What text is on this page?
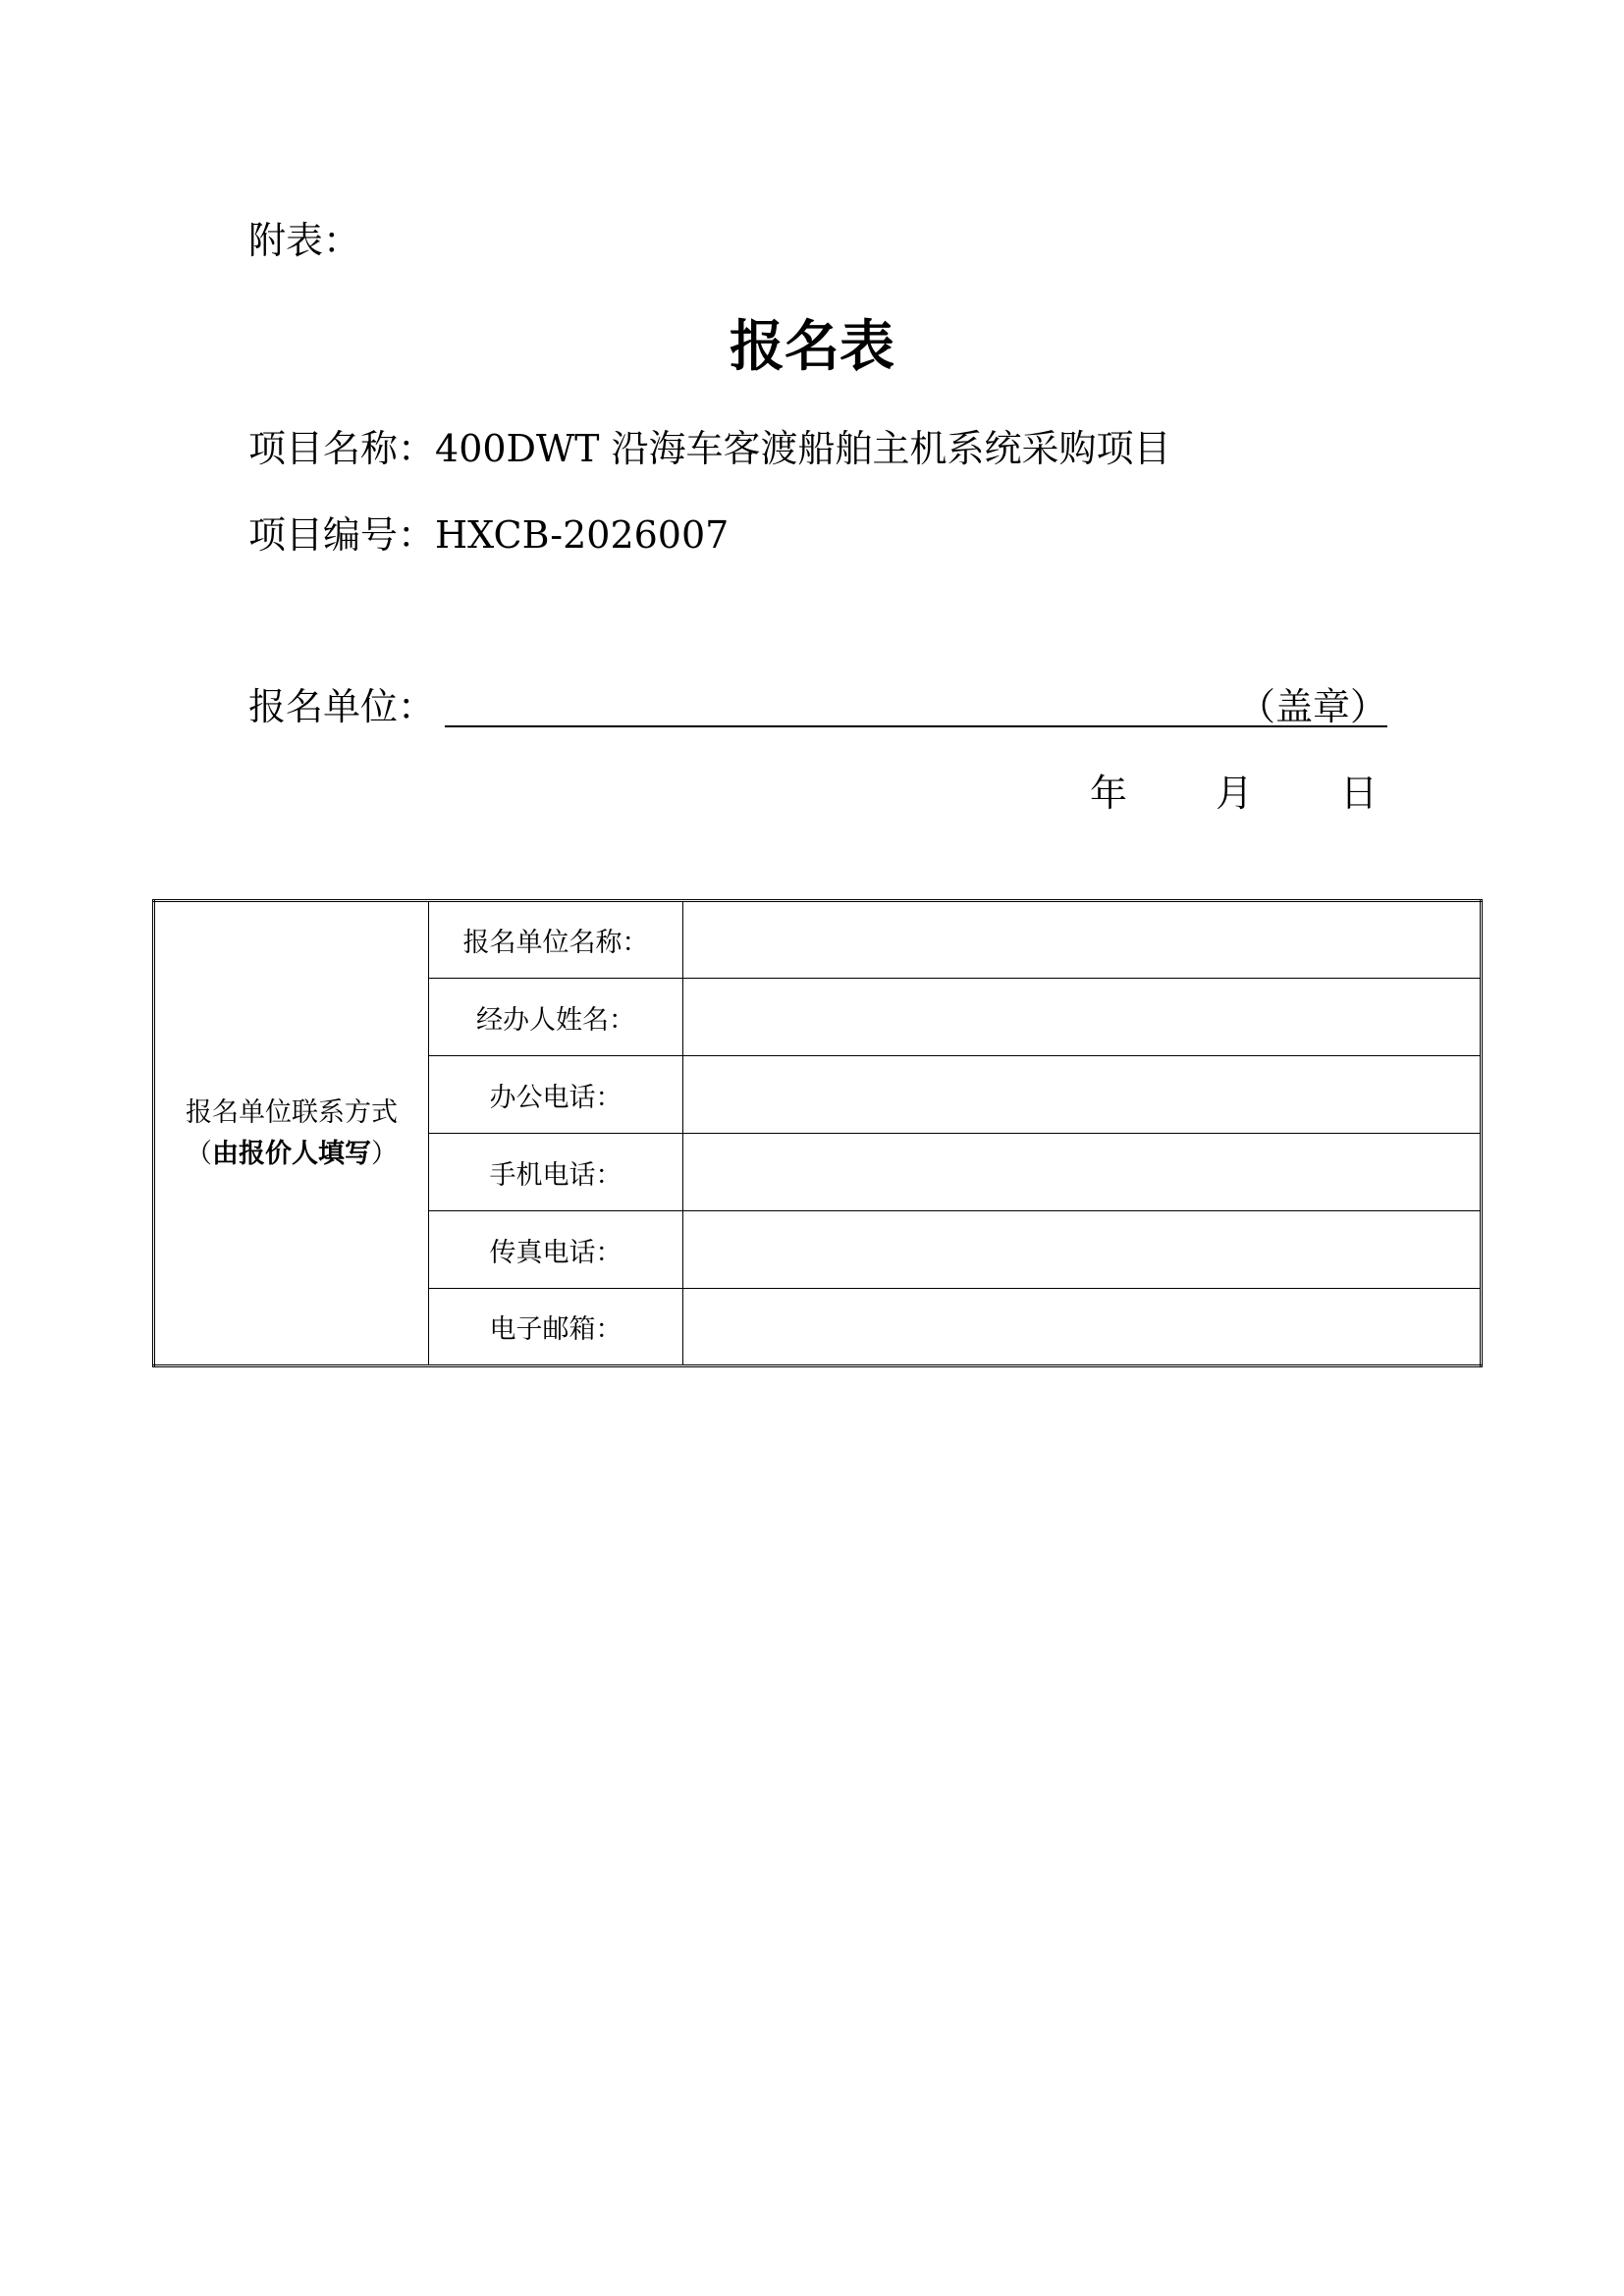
附表：
报名表
项目名称：400DWT 沿海车客渡船舶主机系统采购项目
项目编号：HXCB-2026007
报名单位：	（盖章）
年 月 日
报名单位联系方式
（由报价人填写）	报名单位名称：	
	经办人姓名：	
	办公电话：	
	手机电话：	
	传真电话：	
	电子邮箱：	
